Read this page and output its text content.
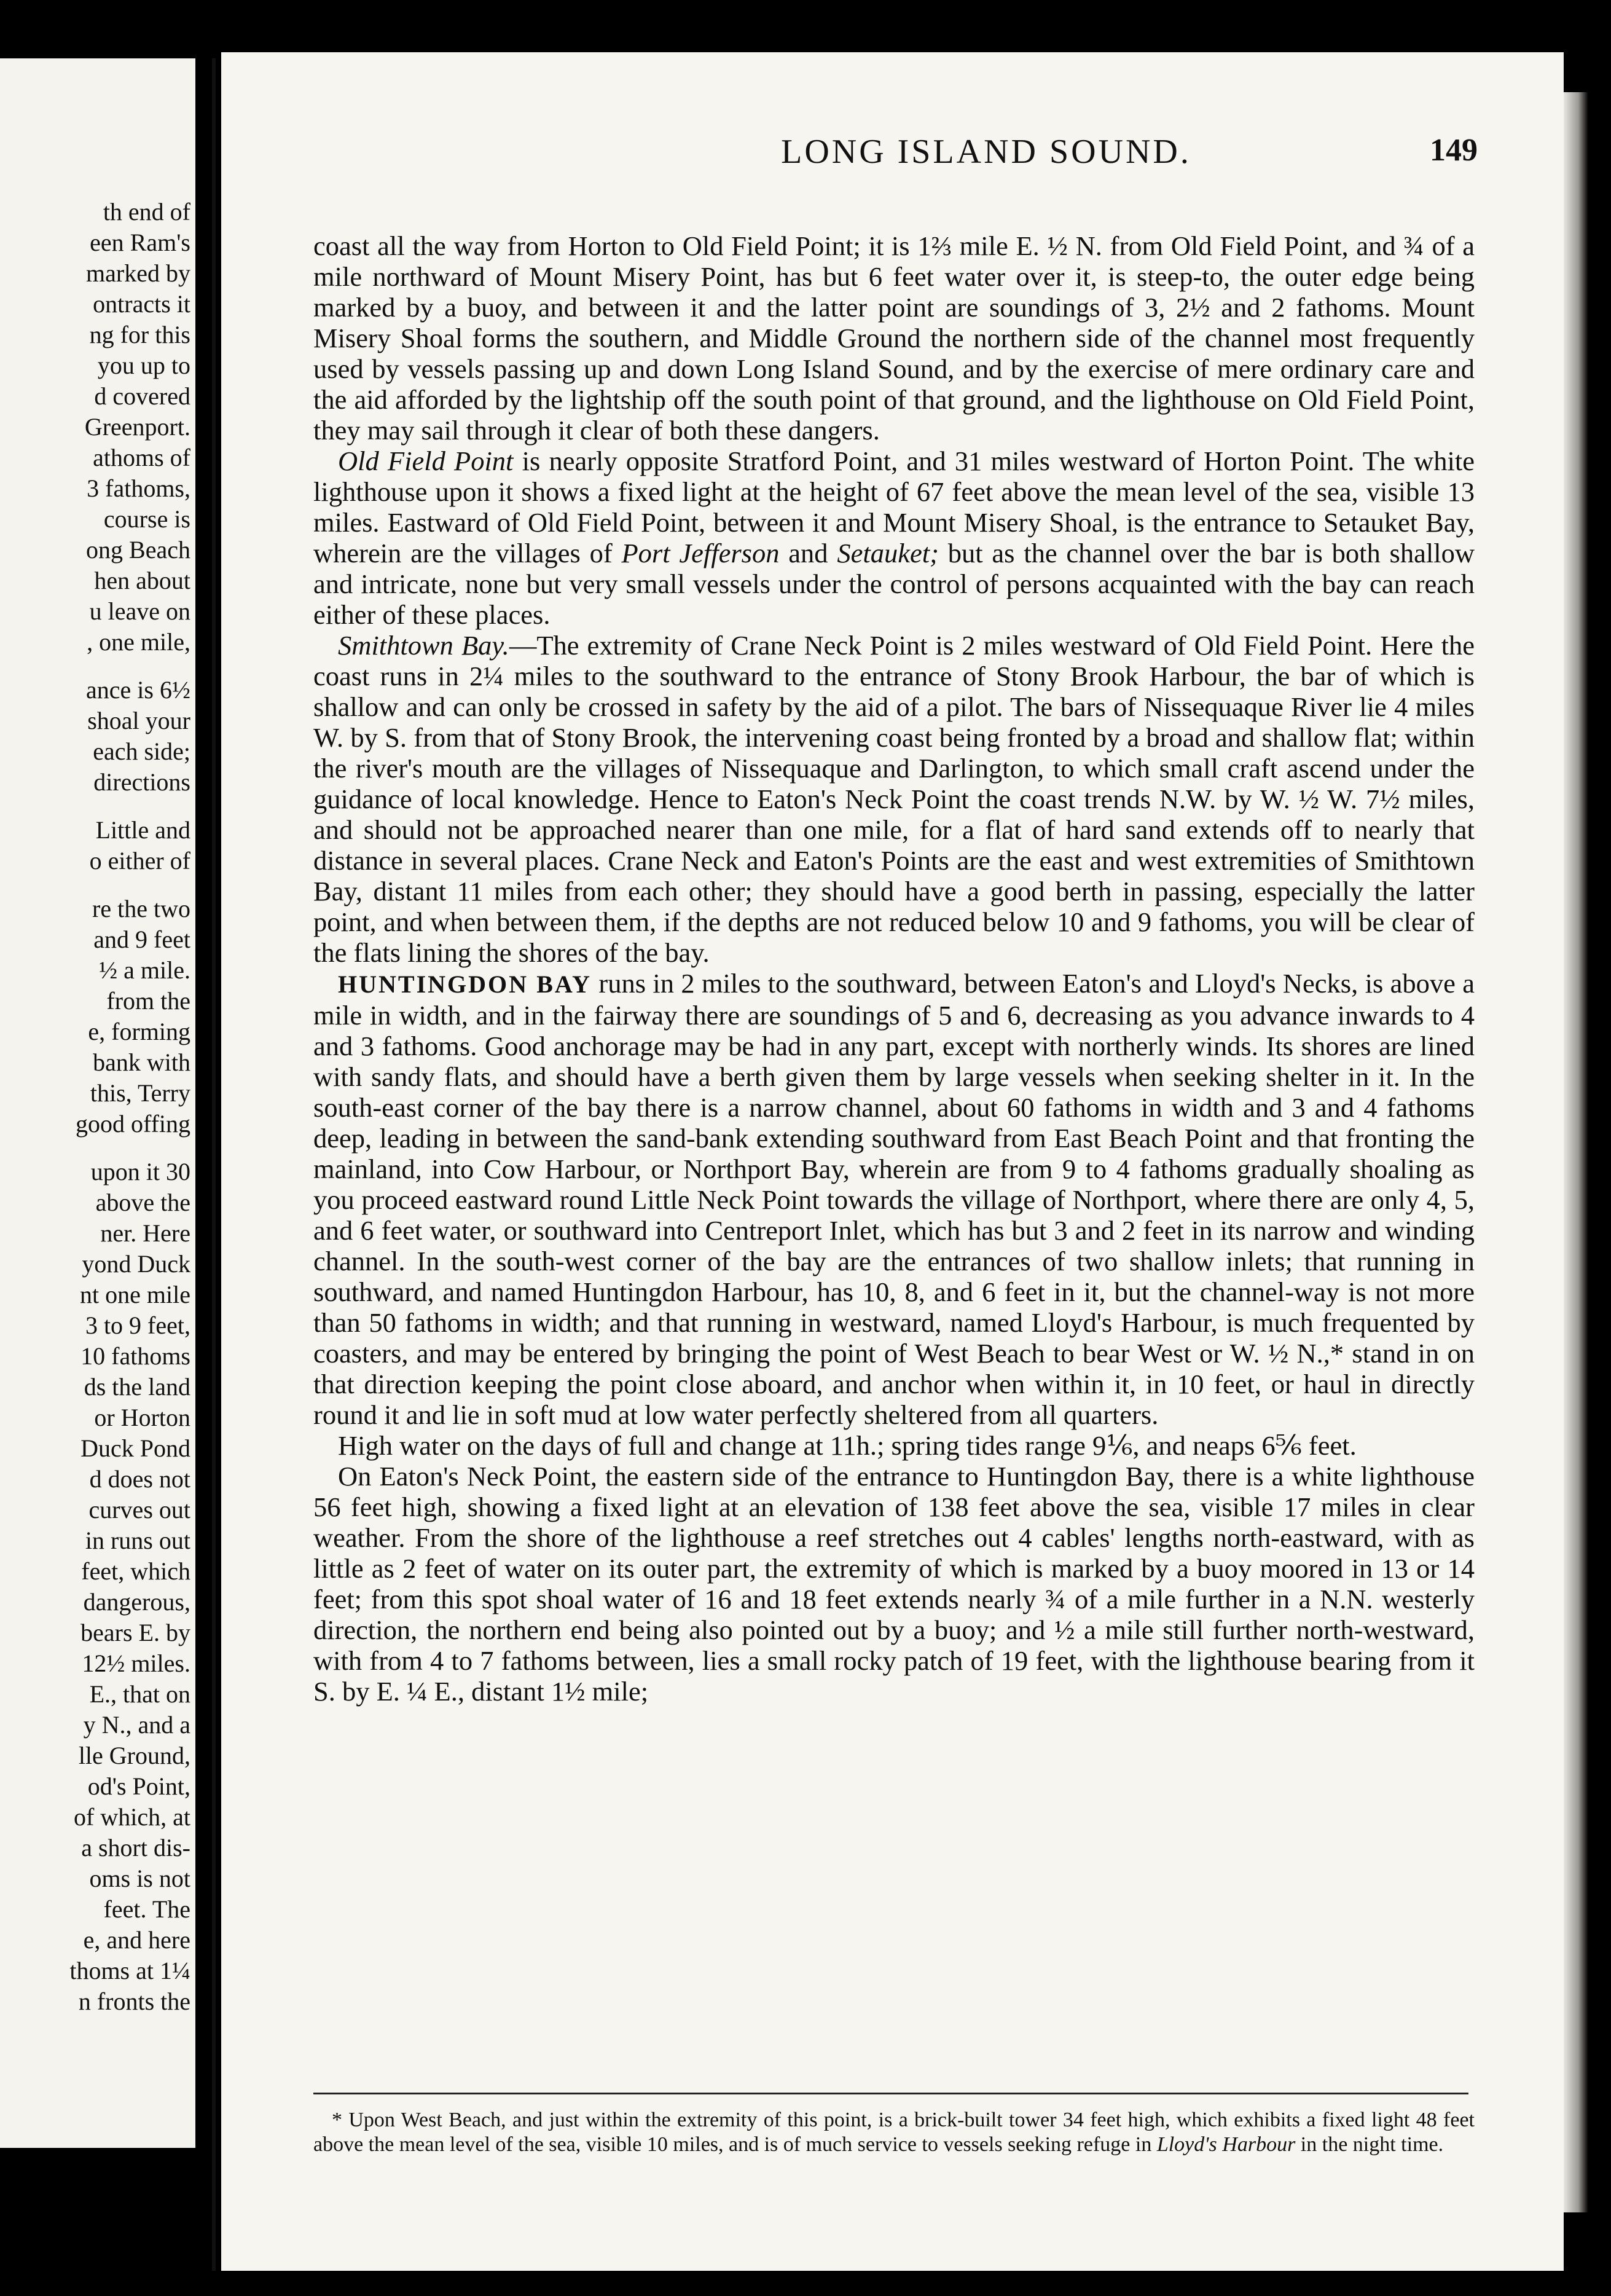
th end of
een Ram's
marked by
ontracts it
ng for this
you up to
d covered
Greenport.
athoms of
3 fathoms,
course is
ong Beach
hen about
u leave on
, one mile,
ance is 6½
shoal your
each side;
directions
Little and
o either of
re the two
and 9 feet
½ a mile.
from the
e, forming
bank with
this, Terry
good offing
upon it 30
above the
ner. Here
yond Duck
nt one mile
3 to 9 feet,
10 fathoms
ds the land
or Horton
Duck Pond
d does not
curves out
in runs out
feet, which
dangerous,
bears E. by
12½ miles.
E., that on
y N., and a
lle Ground,
od's Point,
of which, at
a short dis-
oms is not
feet. The
e, and here
thoms at 1¼
n fronts the
LONG ISLAND SOUND.	149

coast all the way from Horton to Old Field Point; it is 1⅔ mile E. ½ N. from Old Field Point, and ¾ of a mile northward of Mount Misery Point, has but 6 feet water over it, is steep-to, the outer edge being marked by a buoy, and between it and the latter point are soundings of 3, 2½ and 2 fathoms. Mount Misery Shoal forms the southern, and Middle Ground the northern side of the channel most frequently used by vessels passing up and down Long Island Sound, and by the exercise of mere ordinary care and the aid afforded by the lightship off the south point of that ground, and the lighthouse on Old Field Point, they may sail through it clear of both these dangers.

Old Field Point is nearly opposite Stratford Point, and 31 miles westward of Horton Point. The white lighthouse upon it shows a fixed light at the height of 67 feet above the mean level of the sea, visible 13 miles. Eastward of Old Field Point, between it and Mount Misery Shoal, is the entrance to Setauket Bay, wherein are the villages of Port Jefferson and Setauket; but as the channel over the bar is both shallow and intricate, none but very small vessels under the control of persons acquainted with the bay can reach either of these places.

Smithtown Bay.—The extremity of Crane Neck Point is 2 miles westward of Old Field Point. Here the coast runs in 2¼ miles to the southward to the entrance of Stony Brook Harbour, the bar of which is shallow and can only be crossed in safety by the aid of a pilot. The bars of Nissequaque River lie 4 miles W. by S. from that of Stony Brook, the intervening coast being fronted by a broad and shallow flat; within the river's mouth are the villages of Nissequaque and Darlington, to which small craft ascend under the guidance of local knowledge. Hence to Eaton's Neck Point the coast trends N.W. by W. ½ W. 7½ miles, and should not be approached nearer than one mile, for a flat of hard sand extends off to nearly that distance in several places. Crane Neck and Eaton's Points are the east and west extremities of Smithtown Bay, distant 11 miles from each other; they should have a good berth in passing, especially the latter point, and when between them, if the depths are not reduced below 10 and 9 fathoms, you will be clear of the flats lining the shores of the bay.

HUNTINGDON BAY runs in 2 miles to the southward, between Eaton's and Lloyd's Necks, is above a mile in width, and in the fairway there are soundings of 5 and 6, decreasing as you advance inwards to 4 and 3 fathoms. Good anchorage may be had in any part, except with northerly winds. Its shores are lined with sandy flats, and should have a berth given them by large vessels when seeking shelter in it. In the south-east corner of the bay there is a narrow channel, about 60 fathoms in width and 3 and 4 fathoms deep, leading in between the sand-bank extending southward from East Beach Point and that fronting the mainland, into Cow Harbour, or Northport Bay, wherein are from 9 to 4 fathoms gradually shoaling as you proceed eastward round Little Neck Point towards the village of Northport, where there are only 4, 5, and 6 feet water, or southward into Centreport Inlet, which has but 3 and 2 feet in its narrow and winding channel. In the south-west corner of the bay are the entrances of two shallow inlets; that running in southward, and named Huntingdon Harbour, has 10, 8, and 6 feet in it, but the channel-way is not more than 50 fathoms in width; and that running in westward, named Lloyd's Harbour, is much frequented by coasters, and may be entered by bringing the point of West Beach to bear West or W. ½ N.,* stand in on that direction keeping the point close aboard, and anchor when within it, in 10 feet, or haul in directly round it and lie in soft mud at low water perfectly sheltered from all quarters.

High water on the days of full and change at 11h.; spring tides range 9⅙, and neaps 6⅚ feet.

On Eaton's Neck Point, the eastern side of the entrance to Huntingdon Bay, there is a white lighthouse 56 feet high, showing a fixed light at an elevation of 138 feet above the sea, visible 17 miles in clear weather. From the shore of the lighthouse a reef stretches out 4 cables' lengths north-eastward, with as little as 2 feet of water on its outer part, the extremity of which is marked by a buoy moored in 13 or 14 feet; from this spot shoal water of 16 and 18 feet extends nearly ¾ of a mile further in a N.N. westerly direction, the northern end being also pointed out by a buoy; and ½ a mile still further north-westward, with from 4 to 7 fathoms between, lies a small rocky patch of 19 feet, with the lighthouse bearing from it S. by E. ¼ E., distant 1½ mile;

* Upon West Beach, and just within the extremity of this point, is a brick-built tower 34 feet high, which exhibits a fixed light 48 feet above the mean level of the sea, visible 10 miles, and is of much service to vessels seeking refuge in Lloyd's Harbour in the night time.
